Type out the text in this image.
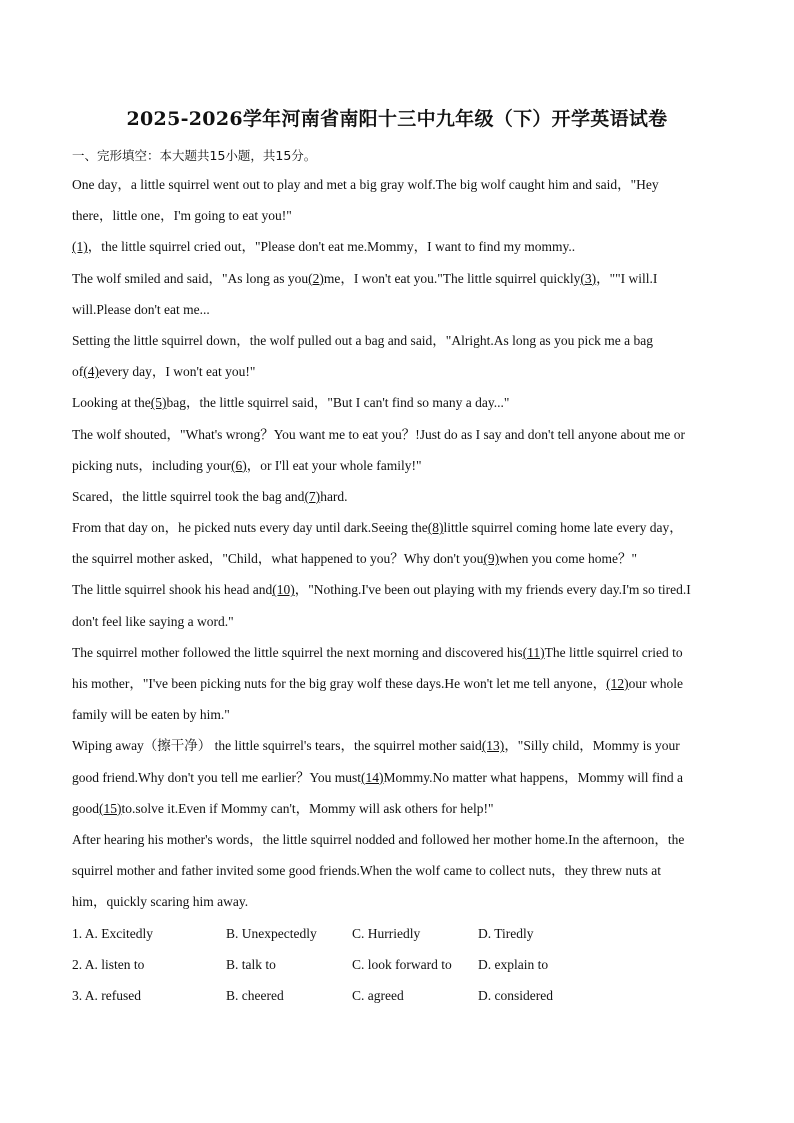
2025-2026学年河南省南阳十三中九年级（下）开学英语试卷
一、完形填空：本大题共15小题，共15分。
One day，a little squirrel went out to play and met a big gray wolf.The big wolf caught him and said，"Hey
there，little one，I'm going to eat you!"
(1)，the little squirrel cried out，"Please don't eat me.Mommy，I want to find my mommy..
The wolf smiled and said，"As long as you(2)me，I won't eat you."The little squirrel quickly(3)，""I will.I
will.Please don't eat me...
Setting the little squirrel down，the wolf pulled out a bag and said，"Alright.As long as you pick me a bag
of(4)every day，I won't eat you!"
Looking at the(5)bag，the little squirrel said，"But I can't find so many a day..."
The wolf shouted，"What's wrong？You want me to eat you？!Just do as I say and don't tell anyone about me or
picking nuts，including your(6)，or I'll eat your whole family!"
Scared，the little squirrel took the bag and(7)hard.
From that day on，he picked nuts every day until dark.Seeing the(8)little squirrel coming home late every day，
the squirrel mother asked，"Child，what happened to you？Why don't you(9)when you come home？"
The little squirrel shook his head and(10)，"Nothing.I've been out playing with my friends every day.I'm so tired.I
don't feel like saying a word."
The squirrel mother followed the little squirrel the next morning and discovered his(11)The little squirrel cried to
his mother，"I've been picking nuts for the big gray wolf these days.He won't let me tell anyone，(12)our whole
family will be eaten by him."
Wiping away（擦干净） the little squirrel's tears，the squirrel mother said(13)，"Silly child，Mommy is your
good friend.Why don't you tell me earlier？You must(14)Mommy.No matter what happens，Mommy will find a
good(15)to.solve it.Even if Mommy can't，Mommy will ask others for help!"
After hearing his mother's words，the little squirrel nodded and followed her mother home.In the afternoon，the
squirrel mother and father invited some good friends.When the wolf came to collect nuts，they threw nuts at
him，quickly scaring him away.
1. A. Excitedly	B. Unexpectedly	C. Hurriedly	D. Tiredly
2. A. listen to	B. talk to	C. look forward to D. explain to
3. A. refused	B. cheered	C. agreed	D. considered
